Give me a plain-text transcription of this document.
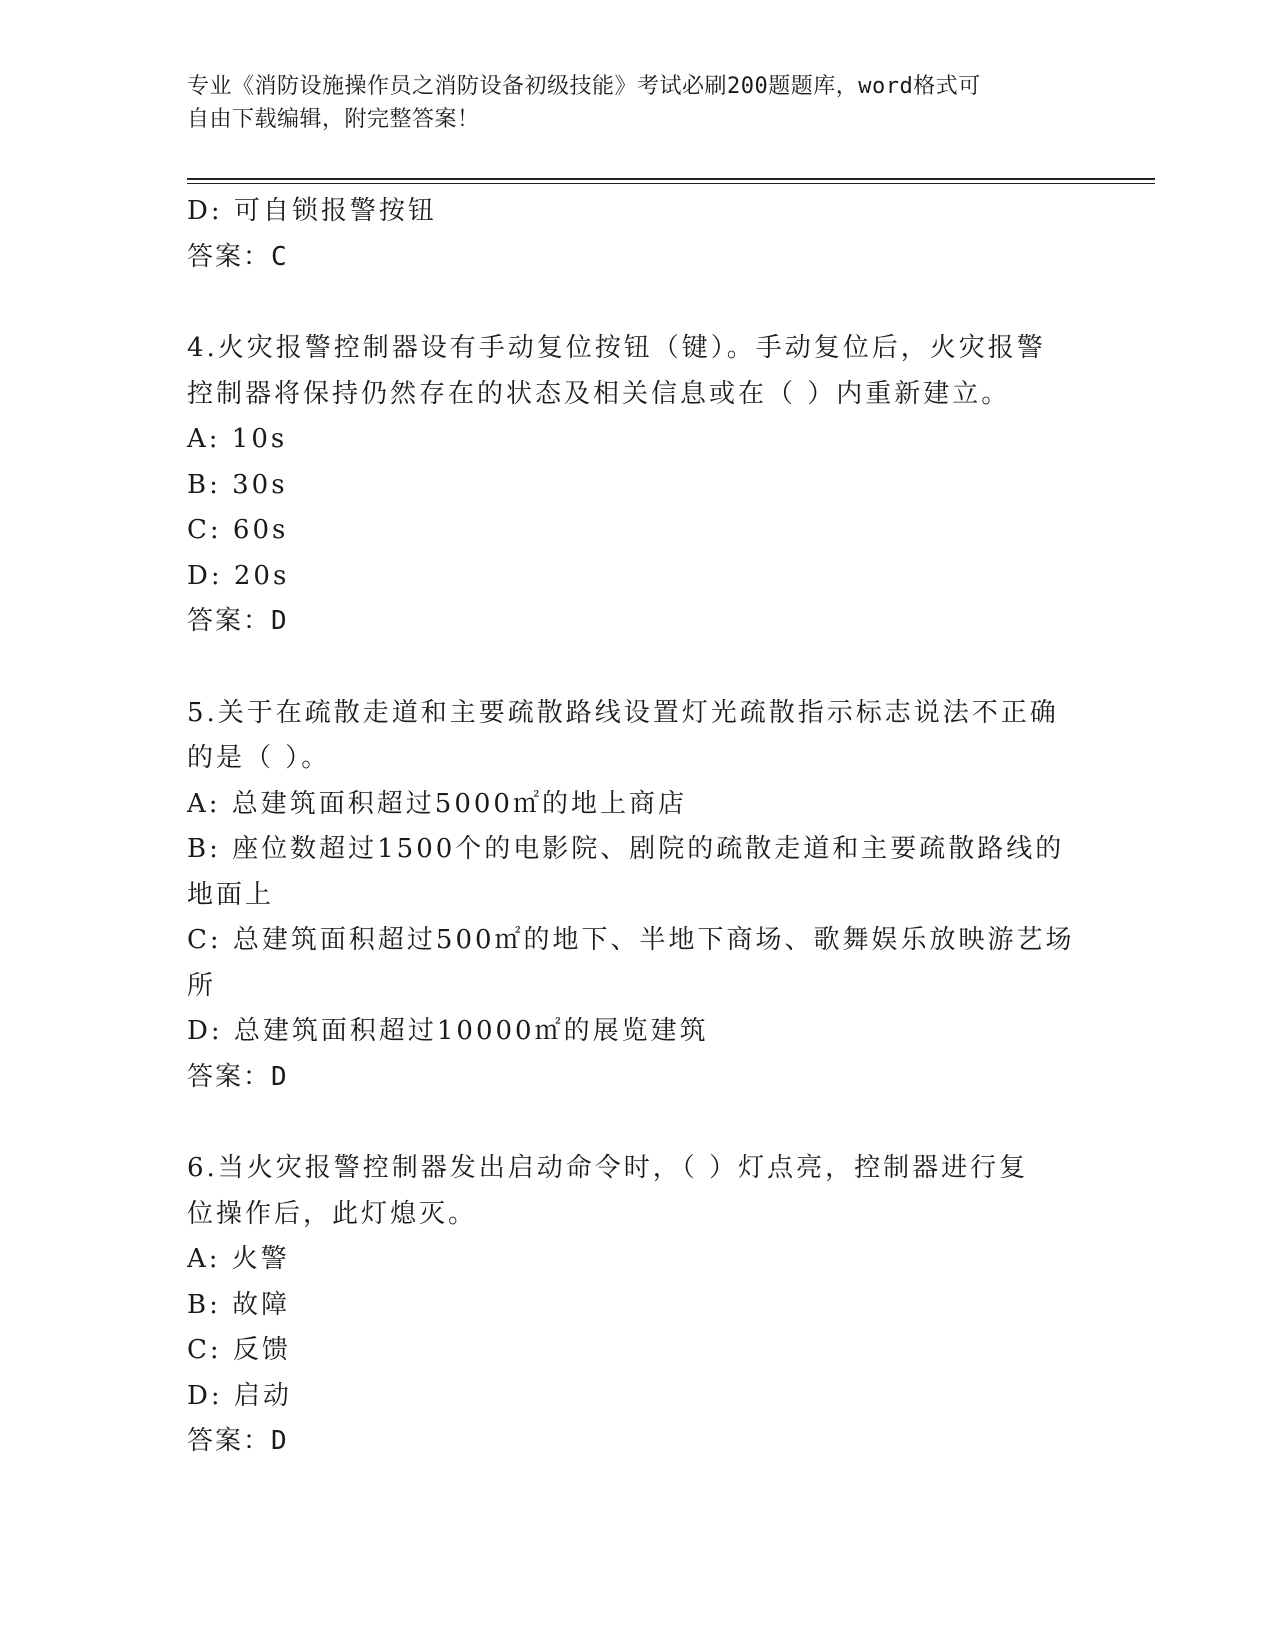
专业《消防设施操作员之消防设备初级技能》考试必刷200题题库，word格式可
自由下载编辑，附完整答案！

D: 可自锁报警按钮

答案：C

4.火灾报警控制器设有手动复位按钮（键）。手动复位后，火灾报警

控制器将保持仍然存在的状态及相关信息或在（ ）内重新建立。

A: 10s

B: 30s

C: 60s

D: 20s

答案：D

5.关于在疏散走道和主要疏散路线设置灯光疏散指示标志说法不正确

的是（ ）。

A: 总建筑面积超过5000㎡的地上商店

B: 座位数超过1500个的电影院、剧院的疏散走道和主要疏散路线的

地面上

C: 总建筑面积超过500㎡的地下、半地下商场、歌舞娱乐放映游艺场

所

D: 总建筑面积超过10000㎡的展览建筑

答案：D

6.当火灾报警控制器发出启动命令时，（ ）灯点亮，控制器进行复

位操作后，此灯熄灭。

A: 火警

B: 故障

C: 反馈

D: 启动

答案：D
